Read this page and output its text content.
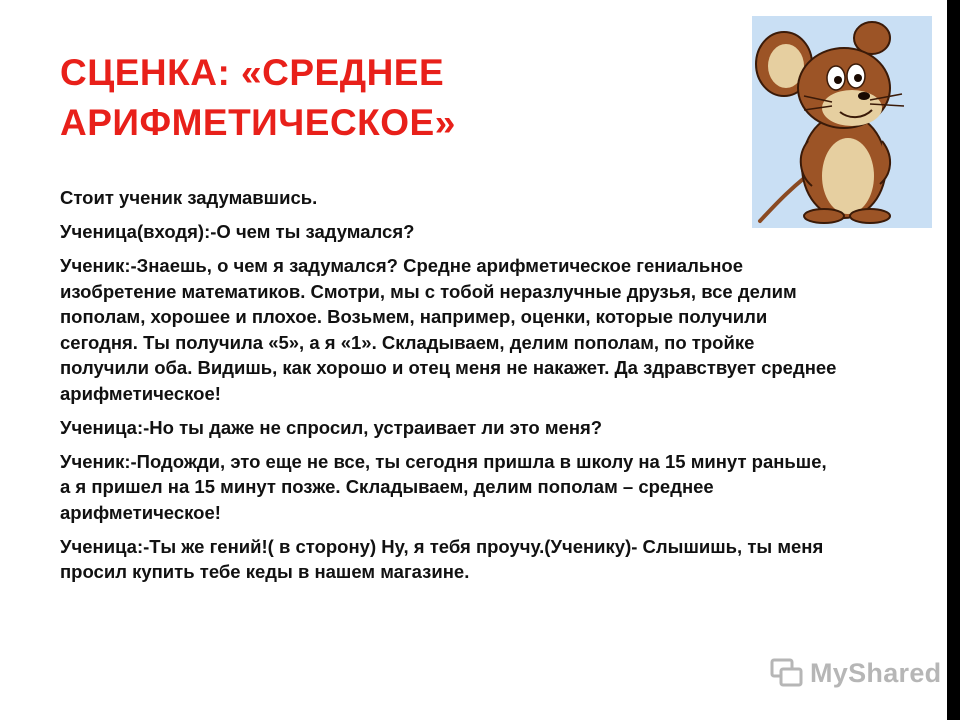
СЦЕНКА: «СРЕДНЕЕ АРИФМЕТИЧЕСКОЕ»

Стоит ученик задумавшись.

Ученица(входя):-О чем ты задумался?

Ученик:-Знаешь, о чем я задумался? Средне арифметическое гениальное изобретение математиков. Смотри, мы с тобой неразлучные друзья, все делим пополам, хорошее и плохое. Возьмем, например, оценки, которые получили сегодня. Ты получила «5», а я «1». Складываем, делим пополам, по тройке получили оба. Видишь, как хорошо и отец меня не накажет. Да здравствует среднее арифметическое!

Ученица:-Но ты даже не спросил, устраивает ли это меня?

Ученик:-Подожди, это еще не все, ты сегодня пришла в школу на 15 минут раньше, а я пришел на 15 минут позже. Складываем, делим пополам – среднее арифметическое!

Ученица:-Ты же гений!( в сторону) Ну, я тебя проучу.(Ученику)- Слышишь, ты меня просил купить тебе кеды в нашем магазине.

MyShared
